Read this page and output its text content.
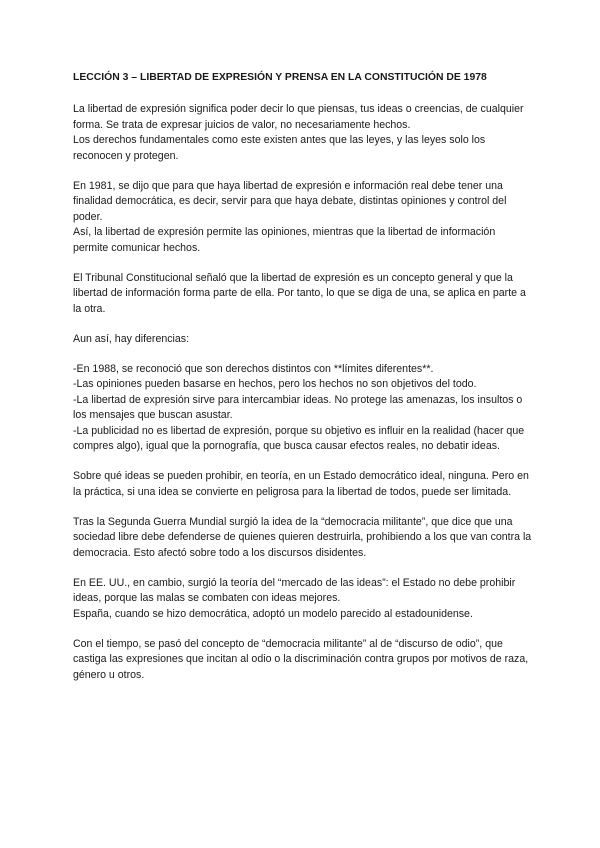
LECCIÓN 3 – LIBERTAD DE EXPRESIÓN Y PRENSA EN LA CONSTITUCIÓN DE 1978
La libertad de expresión significa poder decir lo que piensas, tus ideas o creencias, de cualquier forma. Se trata de expresar juicios de valor, no necesariamente hechos.
Los derechos fundamentales como este existen antes que las leyes, y las leyes solo los reconocen y protegen.
En 1981, se dijo que para que haya libertad de expresión e información real debe tener una finalidad democrática, es decir, servir para que haya debate, distintas opiniones y control del poder.
Así, la libertad de expresión permite las opiniones, mientras que la libertad de información permite comunicar hechos.
El Tribunal Constitucional señaló que la libertad de expresión es un concepto general y que la libertad de información forma parte de ella. Por tanto, lo que se diga de una, se aplica en parte a la otra.
Aun así, hay diferencias:
-En 1988, se reconoció que son derechos distintos con **límites diferentes**.
-Las opiniones pueden basarse en hechos, pero los hechos no son objetivos del todo.
-La libertad de expresión sirve para intercambiar ideas. No protege las amenazas, los insultos o los mensajes que buscan asustar.
-La publicidad no es libertad de expresión, porque su objetivo es influir en la realidad (hacer que compres algo), igual que la pornografía, que busca causar efectos reales, no debatir ideas.
Sobre qué ideas se pueden prohibir, en teoría, en un Estado democrático ideal, ninguna. Pero en la práctica, si una idea se convierte en peligrosa para la libertad de todos, puede ser limitada.
Tras la Segunda Guerra Mundial surgió la idea de la “democracia militante”, que dice que una sociedad libre debe defenderse de quienes quieren destruirla, prohibiendo a los que van contra la democracia. Esto afectó sobre todo a los discursos disidentes.
En EE. UU., en cambio, surgió la teoría del “mercado de las ideas”: el Estado no debe prohibir ideas, porque las malas se combaten con ideas mejores.
España, cuando se hizo democrática, adoptó un modelo parecido al estadounidense.
Con el tiempo, se pasó del concepto de “democracia militante” al de “discurso de odio”, que castiga las expresiones que incitan al odio o la discriminación contra grupos por motivos de raza, género u otros.
